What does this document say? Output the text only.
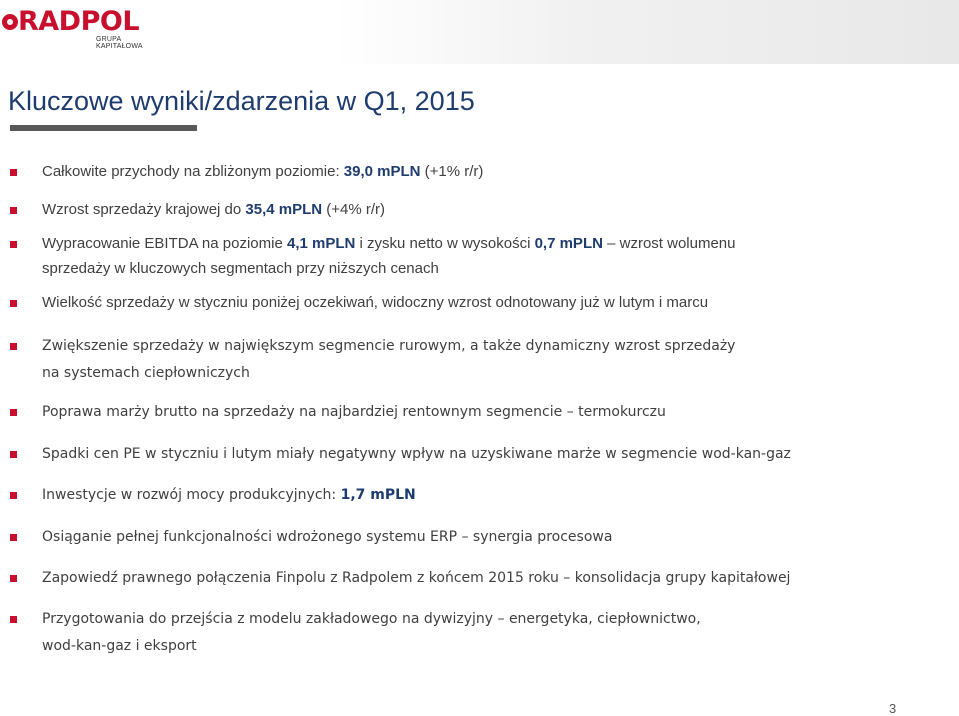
RADPOL
GRUPA KAPITAŁOWA
Kluczowe wyniki/zdarzenia w Q1, 2015

Całkowite przychody na zbliżonym poziomie: 39,0 mPLN (+1% r/r)

Wzrost sprzedaży krajowej do 35,4 mPLN (+4% r/r)

Wypracowanie EBITDA na poziomie 4,1 mPLN i zysku netto w wysokości 0,7 mPLN – wzrost wolumenu

sprzedaży w kluczowych segmentach przy niższych cenach

Wielkość sprzedaży w styczniu poniżej oczekiwań, widoczny wzrost odnotowany już w lutym i marcu

Zwiększenie sprzedaży w największym segmencie rurowym, a także dynamiczny wzrost sprzedaży

na systemach ciepłowniczych

Poprawa marży brutto na sprzedaży na najbardziej rentownym segmencie – termokurczu

Spadki cen PE w styczniu i lutym miały negatywny wpływ na uzyskiwane marże w segmencie wod-kan-gaz

Inwestycje w rozwój mocy produkcyjnych: 1,7 mPLN

Osiąganie pełnej funkcjonalności wdrożonego systemu ERP – synergia procesowa

Zapowiedź prawnego połączenia Finpolu z Radpolem z końcem 2015 roku – konsolidacja grupy kapitałowej

Przygotowania do przejścia z modelu zakładowego na dywizyjny – energetyka, ciepłownictwo,

wod-kan-gaz i eksport

3
